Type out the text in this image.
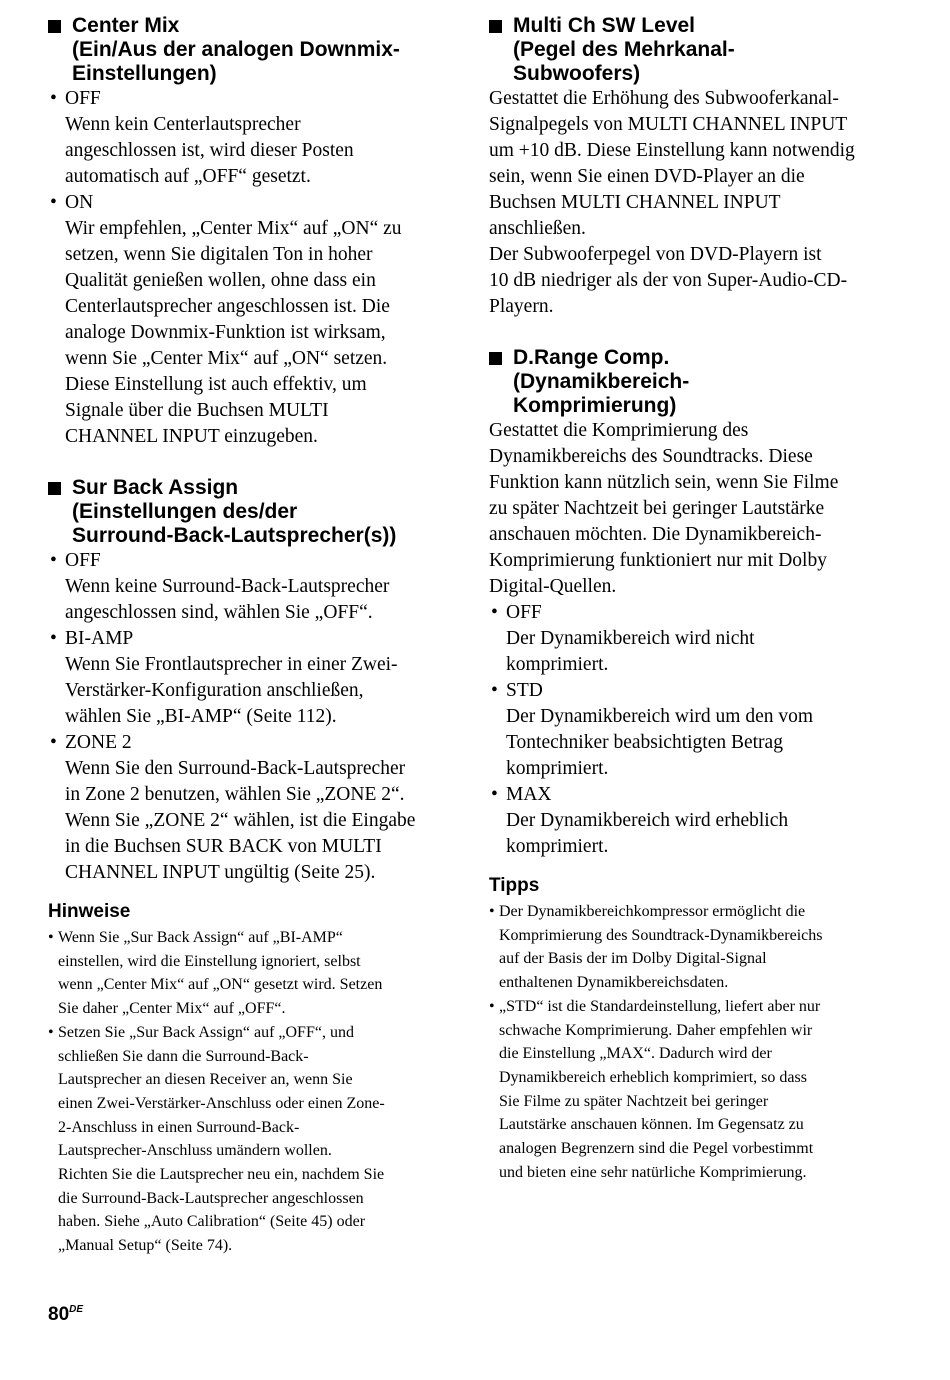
Center Mix
(Ein/Aus der analogen Downmix-
Einstellungen)
• OFF
Wenn kein Centerlautsprecher
angeschlossen ist, wird dieser Posten
automatisch auf „OFF“ gesetzt.
• ON
Wir empfehlen, „Center Mix“ auf „ON“ zu
setzen, wenn Sie digitalen Ton in hoher
Qualität genießen wollen, ohne dass ein
Centerlautsprecher angeschlossen ist. Die
analoge Downmix-Funktion ist wirksam,
wenn Sie „Center Mix“ auf „ON“ setzen.
Diese Einstellung ist auch effektiv, um
Signale über die Buchsen MULTI
CHANNEL INPUT einzugeben.
Sur Back Assign
(Einstellungen des/der
Surround-Back-Lautsprecher(s))
• OFF
Wenn keine Surround-Back-Lautsprecher
angeschlossen sind, wählen Sie „OFF“.
• BI-AMP
Wenn Sie Frontlautsprecher in einer Zwei-
Verstärker-Konfiguration anschließen,
wählen Sie „BI-AMP“ (Seite 112).
• ZONE 2
Wenn Sie den Surround-Back-Lautsprecher
in Zone 2 benutzen, wählen Sie „ZONE 2“.
Wenn Sie „ZONE 2“ wählen, ist die Eingabe
in die Buchsen SUR BACK von MULTI
CHANNEL INPUT ungültig (Seite 25).
Hinweise
• Wenn Sie „Sur Back Assign“ auf „BI-AMP“
einstellen, wird die Einstellung ignoriert, selbst
wenn „Center Mix“ auf „ON“ gesetzt wird. Setzen
Sie daher „Center Mix“ auf „OFF“.
• Setzen Sie „Sur Back Assign“ auf „OFF“, und
schließen Sie dann die Surround-Back-
Lautsprecher an diesen Receiver an, wenn Sie
einen Zwei-Verstärker-Anschluss oder einen Zone-
2-Anschluss in einen Surround-Back-
Lautsprecher-Anschluss umändern wollen.
Richten Sie die Lautsprecher neu ein, nachdem Sie
die Surround-Back-Lautsprecher angeschlossen
haben. Siehe „Auto Calibration“ (Seite 45) oder
„Manual Setup“ (Seite 74).
Multi Ch SW Level
(Pegel des Mehrkanal-
Subwoofers)
Gestattet die Erhöhung des Subwooferkanal-
Signalpegels von MULTI CHANNEL INPUT
um +10 dB. Diese Einstellung kann notwendig
sein, wenn Sie einen DVD-Player an die
Buchsen MULTI CHANNEL INPUT
anschließen.
Der Subwooferpegel von DVD-Playern ist
10 dB niedriger als der von Super-Audio-CD-
Playern.
D.Range Comp.
(Dynamikbereich-
Komprimierung)
Gestattet die Komprimierung des
Dynamikbereichs des Soundtracks. Diese
Funktion kann nützlich sein, wenn Sie Filme
zu später Nachtzeit bei geringer Lautstärke
anschauen möchten. Die Dynamikbereich-
Komprimierung funktioniert nur mit Dolby
Digital-Quellen.
• OFF
Der Dynamikbereich wird nicht
komprimiert.
• STD
Der Dynamikbereich wird um den vom
Tontechniker beabsichtigten Betrag
komprimiert.
• MAX
Der Dynamikbereich wird erheblich
komprimiert.
Tipps
• Der Dynamikbereichkompressor ermöglicht die
Komprimierung des Soundtrack-Dynamikbereichs
auf der Basis der im Dolby Digital-Signal
enthaltenen Dynamikbereichsdaten.
• „STD“ ist die Standardeinstellung, liefert aber nur
schwache Komprimierung. Daher empfehlen wir
die Einstellung „MAX“. Dadurch wird der
Dynamikbereich erheblich komprimiert, so dass
Sie Filme zu später Nachtzeit bei geringer
Lautstärke anschauen können. Im Gegensatz zu
analogen Begrenzern sind die Pegel vorbestimmt
und bieten eine sehr natürliche Komprimierung.
80DE
